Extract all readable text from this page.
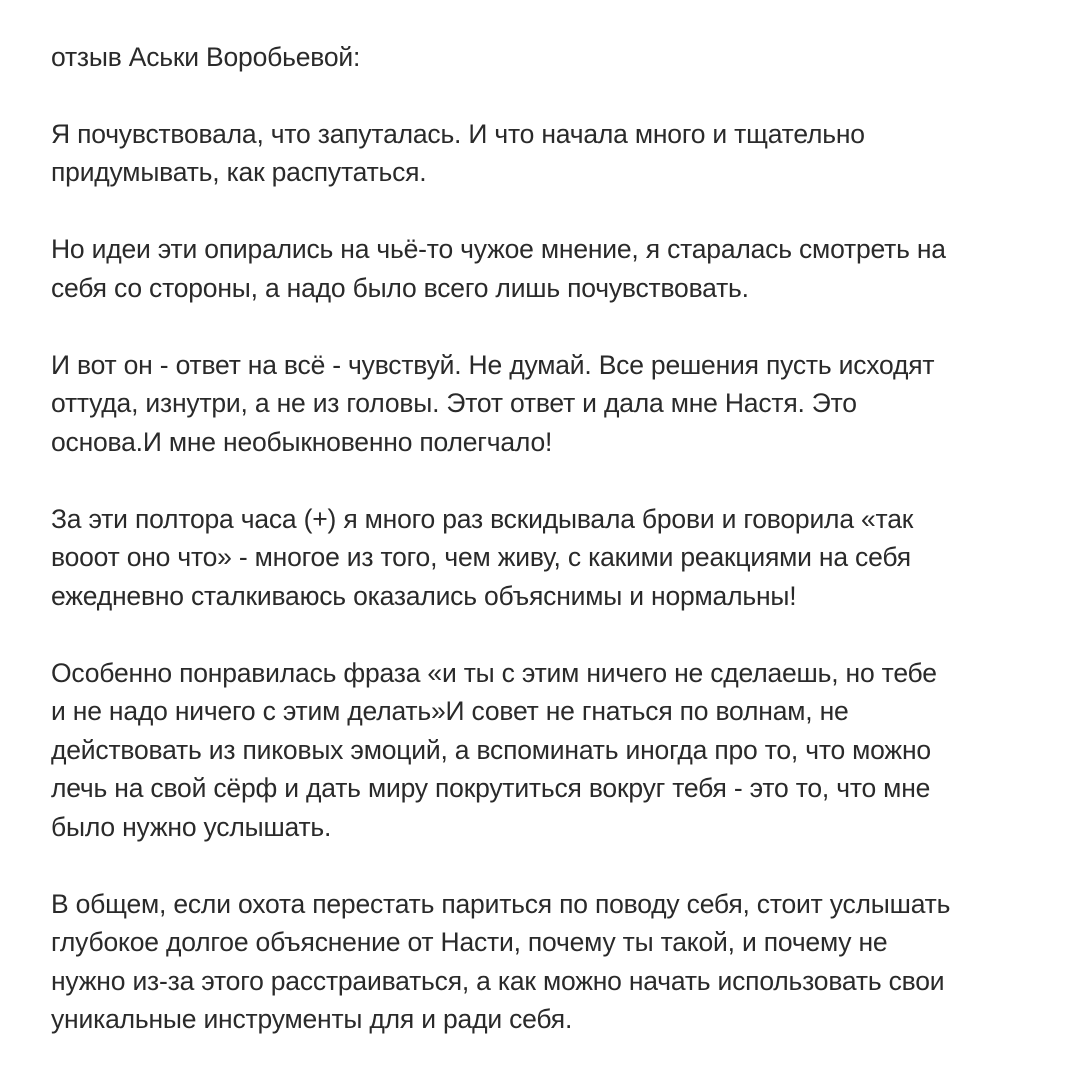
отзыв Аськи Воробьевой:
Я почувствовала, что запуталась. И что начала много и тщательно
придумывать, как распутаться.
Но идеи эти опирались на чьё-то чужое мнение, я старалась смотреть на
себя со стороны, а надо было всего лишь почувствовать.
И вот он - ответ на всё - чувствуй. Не думай. Все решения пусть исходят
оттуда, изнутри, а не из головы. Этот ответ и дала мне Настя. Это
основа.И мне необыкновенно полегчало!
За эти полтора часа (+) я много раз вскидывала брови и говорила «так
вооот оно что» - многое из того, чем живу, с какими реакциями на себя
ежедневно сталкиваюсь оказались объяснимы и нормальны!
Особенно понравилась фраза «и ты с этим ничего не сделаешь, но тебе
и не надо ничего с этим делать»И совет не гнаться по волнам, не
действовать из пиковых эмоций, а вспоминать иногда про то, что можно
лечь на свой сёрф и дать миру покрутиться вокруг тебя - это то, что мне
было нужно услышать.
В общем, если охота перестать париться по поводу себя, стоит услышать
глубокое долгое объяснение от Насти, почему ты такой, и почему не
нужно из-за этого расстраиваться, а как можно начать использовать свои
уникальные инструменты для и ради себя.
